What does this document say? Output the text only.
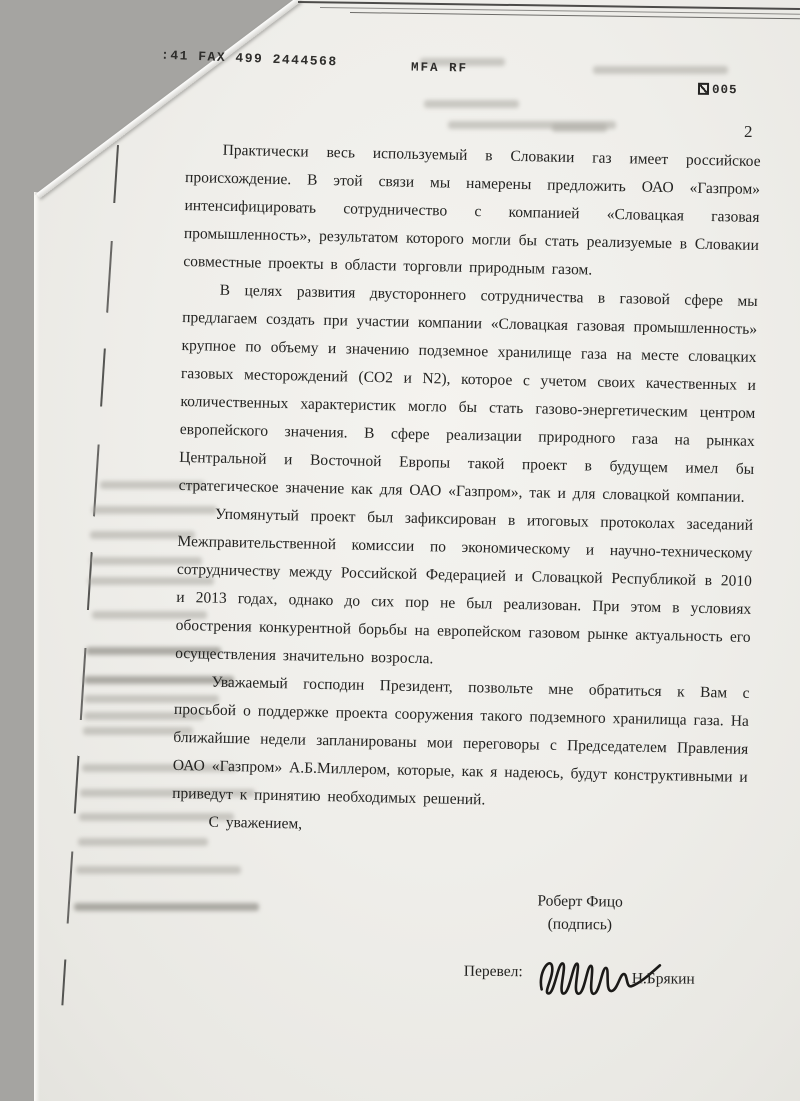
:41 FAX 499 2444568	MFA RF
005
2

Практически весь используемый в Словакии газ имеет российское происхождение. В этой связи мы намерены предложить ОАО «Газпром» интенсифицировать сотрудничество с компанией «Словацкая газовая промышленность», результатом которого могли бы стать реализуемые в Словакии совместные проекты в области торговли природным газом.

В целях развития двустороннего сотрудничества в газовой сфере мы предлагаем создать при участии компании «Словацкая газовая промышленность» крупное по объему и значению подземное хранилище газа на месте словацких газовых месторождений (CO2 и N2), которое с учетом своих качественных и количественных характеристик могло бы стать газово-энергетическим центром европейского значения. В сфере реализации природного газа на рынках Центральной и Восточной Европы такой проект в будущем имел бы стратегическое значение как для ОАО «Газпром», так и для словацкой компании.

Упомянутый проект был зафиксирован в итоговых протоколах заседаний Межправительственной комиссии по экономическому и научно-техническому сотрудничеству между Российской Федерацией и Словацкой Республикой в 2010 и 2013 годах, однако до сих пор не был реализован. При этом в условиях обострения конкурентной борьбы на европейском газовом рынке актуальность его осуществления значительно возросла.

Уважаемый господин Президент, позвольте мне обратиться к Вам с просьбой о поддержке проекта сооружения такого подземного хранилища газа. На ближайшие недели запланированы мои переговоры с Председателем Правления ОАО «Газпром» А.Б.Миллером, которые, как я надеюсь, будут конструктивными и приведут к принятию необходимых решений.

С уважением,

Роберт Фицо
(подпись)
Перевел:	Н.Брякин
